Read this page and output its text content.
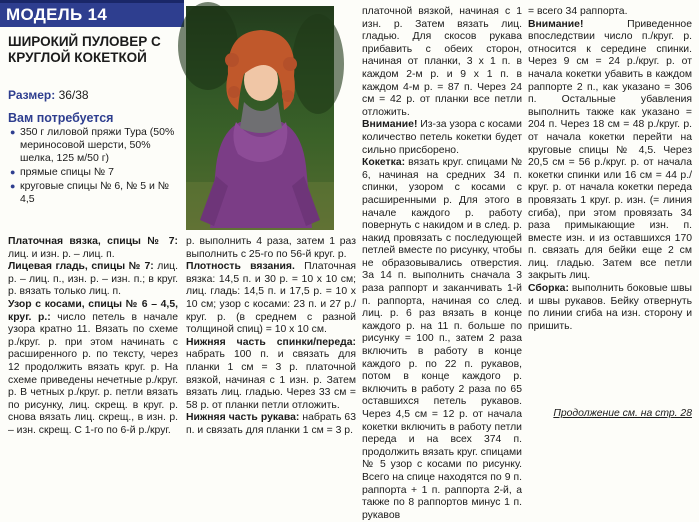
МОДЕЛЬ 14
ШИРОКИЙ ПУЛОВЕР С КРУГЛОЙ КОКЕТКОЙ
Размер: 36/38
Вам потребуется
● 350 г лиловой пряжи Тура (50% мериносовой шерсти, 50% шелка, 125 м/50 г)
● прямые спицы № 7
● круговые спицы № 6, № 5 и № 4,5

Платочная вязка, спицы № 7: лиц. и изн. р. – лиц. п.

Лицевая гладь, спицы № 7: лиц. р. – лиц. п., изн. р. – изн. п.; в круг. р. вязать только лиц. п.

Узор с косами, спицы № 6 – 4,5, круг. р.: число петель в начале узора кратно 11. Вязать по схеме р./круг. р. при этом начинать с расширенного р. по тексту, через 12 продолжить вязать круг. р. На схеме приведены нечетные р./круг. р. В четных р./круг. р. петли вязать по рисунку, лиц. скрещ. в круг. р. снова вязать лиц. скрещ., в изн. р. – изн. скрещ. С 1-го по 6-й р./круг.

р. выполнить 4 раза, затем 1 раз выполнить с 25-го по 56-й круг. р.

Плотность вязания. Платочная вязка: 14,5 п. и 30 р. = 10 х 10 см; лиц. гладь: 14,5 п. и 17,5 р. = 10 х 10 см; узор с косами: 23 п. и 27 р./круг. р. (в среднем с разной толщиной спиц) = 10 х 10 см.

Нижняя часть спинки/переда: набрать 100 п. и связать для планки 1 см = 3 р. платочной вязкой, начиная с 1 изн. р. Затем вязать лиц. гладью. Через 33 см = 58 р. от планки петли отложить.

Нижняя часть рукава: набрать 63 п. и связать для планки 1 см = 3 р.

платочной вязкой, начиная с 1 изн. р. Затем вязать лиц. гладью. Для скосов рукава прибавить с обеих сторон, начиная от планки, 3 х 1 п. в каждом 2-м р. и 9 х 1 п. в каждом 4-м р. = 87 п. Через 24 см = 42 р. от планки все петли отложить.

Внимание! Из-за узора с косами количество петель кокетки будет сильно присборено.

Кокетка: вязать круг. спицами № 6, начиная на средних 34 п. спинки, узором с косами с расширенными р. Для этого в начале каждого р. работу повернуть с накидом и в след. р. накид провязать с последующей петлей вместе по рисунку, чтобы не образовывались отверстия. За 14 п. выполнить сначала 3 раза раппорт и заканчивать 1-й п. раппорта, начиная со след. лиц. р. 6 раз вязать в конце каждого р. на 11 п. больше по рисунку = 100 п., затем 2 раза включить в работу в конце каждого р. по 22 п. рукавов, потом в конце каждого р. включить в работу 2 раза по 65 оставшихся петель рукавов. Через 4,5 см = 12 р. от начала кокетки включить в работу петли переда и на всех 374 п. продолжить вязать круг. спицами № 5 узор с косами по рисунку. Всего на спице находятся по 9 п. раппорта + 1 п. раппорта 2-й, а также по 8 раппортов минус 1 п. рукавов

= всего 34 раппорта.

Внимание! Приведенное впоследствии число п./круг. р. относится к середине спинки. Через 9 см = 24 р./круг. р. от начала кокетки убавить в каждом раппорте 2 п., как указано = 306 п. Остальные убавления выполнить также как указано = 204 п. Через 18 см = 48 р./круг. р. от начала кокетки перейти на круговые спицы № 4,5. Через 20,5 см = 56 р./круг. р. от начала кокетки спинки или 16 см = 44 р./круг. р. от начала кокетки переда провязать 1 круг. р. изн. (= линия сгиба), при этом провязать 34 раза примыкающие изн. п. вместе изн. и из оставшихся 170 п. связать для бейки еще 2 см лиц. гладью. Затем все петли закрыть лиц.

Сборка: выполнить боковые швы и швы рукавов. Бейку отвернуть по линии сгиба на изн. сторону и пришить.

Продолжение см. на стр. 28
